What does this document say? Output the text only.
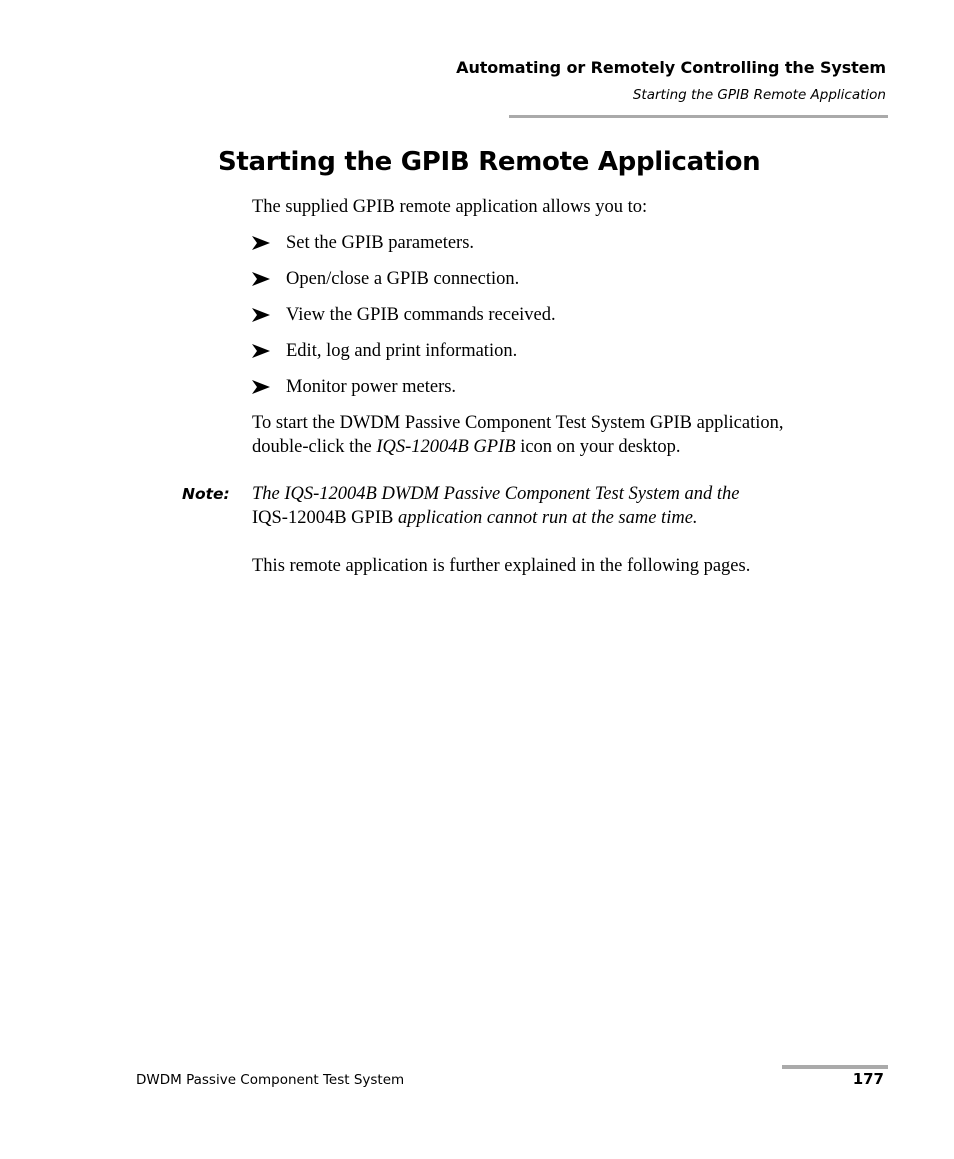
Automating or Remotely Controlling the System
Starting the GPIB Remote Application
Starting the GPIB Remote Application

The supplied GPIB remote application allows you to:

Set the GPIB parameters.
Open/close a GPIB connection.
View the GPIB commands received.
Edit, log and print information.
Monitor power meters.

To start the DWDM Passive Component Test System GPIB application,

double-click the IQS-12004B GPIB icon on your desktop.

Note: The IQS-12004B DWDM Passive Component Test System and the

IQS-12004B GPIB application cannot run at the same time.

This remote application is further explained in the following pages.

DWDM Passive Component Test System	177
